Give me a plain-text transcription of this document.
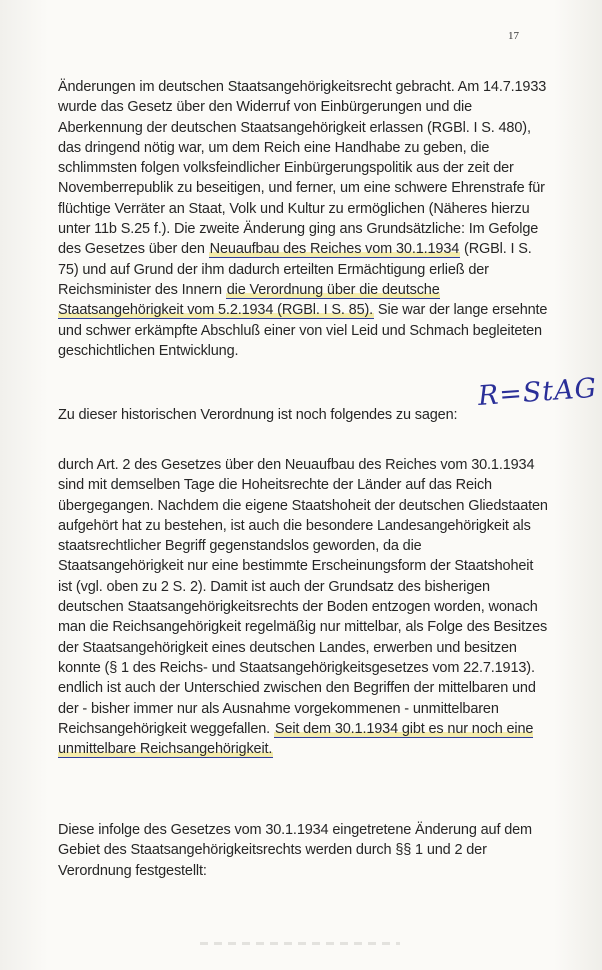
17

Änderungen im deutschen Staatsangehörigkeitsrecht gebracht. Am 14.7.1933 wurde das Gesetz über den Widerruf von Einbürgerungen und die Aberkennung der deutschen Staatsangehörigkeit erlassen (RGBl. I S. 480), das dringend nötig war, um dem Reich eine Handhabe zu geben, die schlimmsten folgen volksfeindlicher Einbürgerungspolitik aus der zeit der Novemberrepublik zu beseitigen, und ferner, um eine schwere Ehrenstrafe für flüchtige Verräter an Staat, Volk und Kultur zu ermöglichen (Näheres hierzu unter 11b S.25 f.). Die zweite Änderung ging ans Grundsätzliche: Im Gefolge des Gesetzes über den Neuaufbau des Reiches vom 30.1.1934 (RGBl. I S. 75) und auf Grund der ihm dadurch erteilten Ermächtigung erließ der Reichsminister des Innern die Verordnung über die deutsche Staatsangehörigkeit vom 5.2.1934 (RGBl. I S. 85). Sie war der lange ersehnte und schwer erkämpfte Abschluß einer von viel Leid und Schmach begleiteten geschichtlichen Entwicklung.

Zu dieser historischen Verordnung ist noch folgendes zu sagen:

R=StAG

durch Art. 2 des Gesetzes über den Neuaufbau des Reiches vom 30.1.1934 sind mit demselben Tage die Hoheitsrechte der Länder auf das Reich übergegangen. Nachdem die eigene Staatshoheit der deutschen Gliedstaaten aufgehört hat zu bestehen, ist auch die besondere Landesangehörigkeit als staatsrechtlicher Begriff gegenstandslos geworden, da die Staatsangehörigkeit nur eine bestimmte Erscheinungsform der Staatshoheit ist (vgl. oben zu 2 S. 2). Damit ist auch der Grundsatz des bisherigen deutschen Staatsangehörigkeitsrechts der Boden entzogen worden, wonach man die Reichsangehörigkeit regelmäßig nur mittelbar, als Folge des Besitzes der Staatsangehörigkeit eines deutschen Landes, erwerben und besitzen konnte (§ 1 des Reichs- und Staatsangehörigkeitsgesetzes vom 22.7.1913). endlich ist auch der Unterschied zwischen den Begriffen der mittelbaren und der - bisher immer nur als Ausnahme vorgekommenen - unmittelbaren Reichsangehörigkeit weggefallen. Seit dem 30.1.1934 gibt es nur noch eine unmittelbare Reichsangehörigkeit.

Diese infolge des Gesetzes vom 30.1.1934 eingetretene Änderung auf dem Gebiet des Staatsangehörigkeitsrechts werden durch §§ 1 und 2 der Verordnung festgestellt:
